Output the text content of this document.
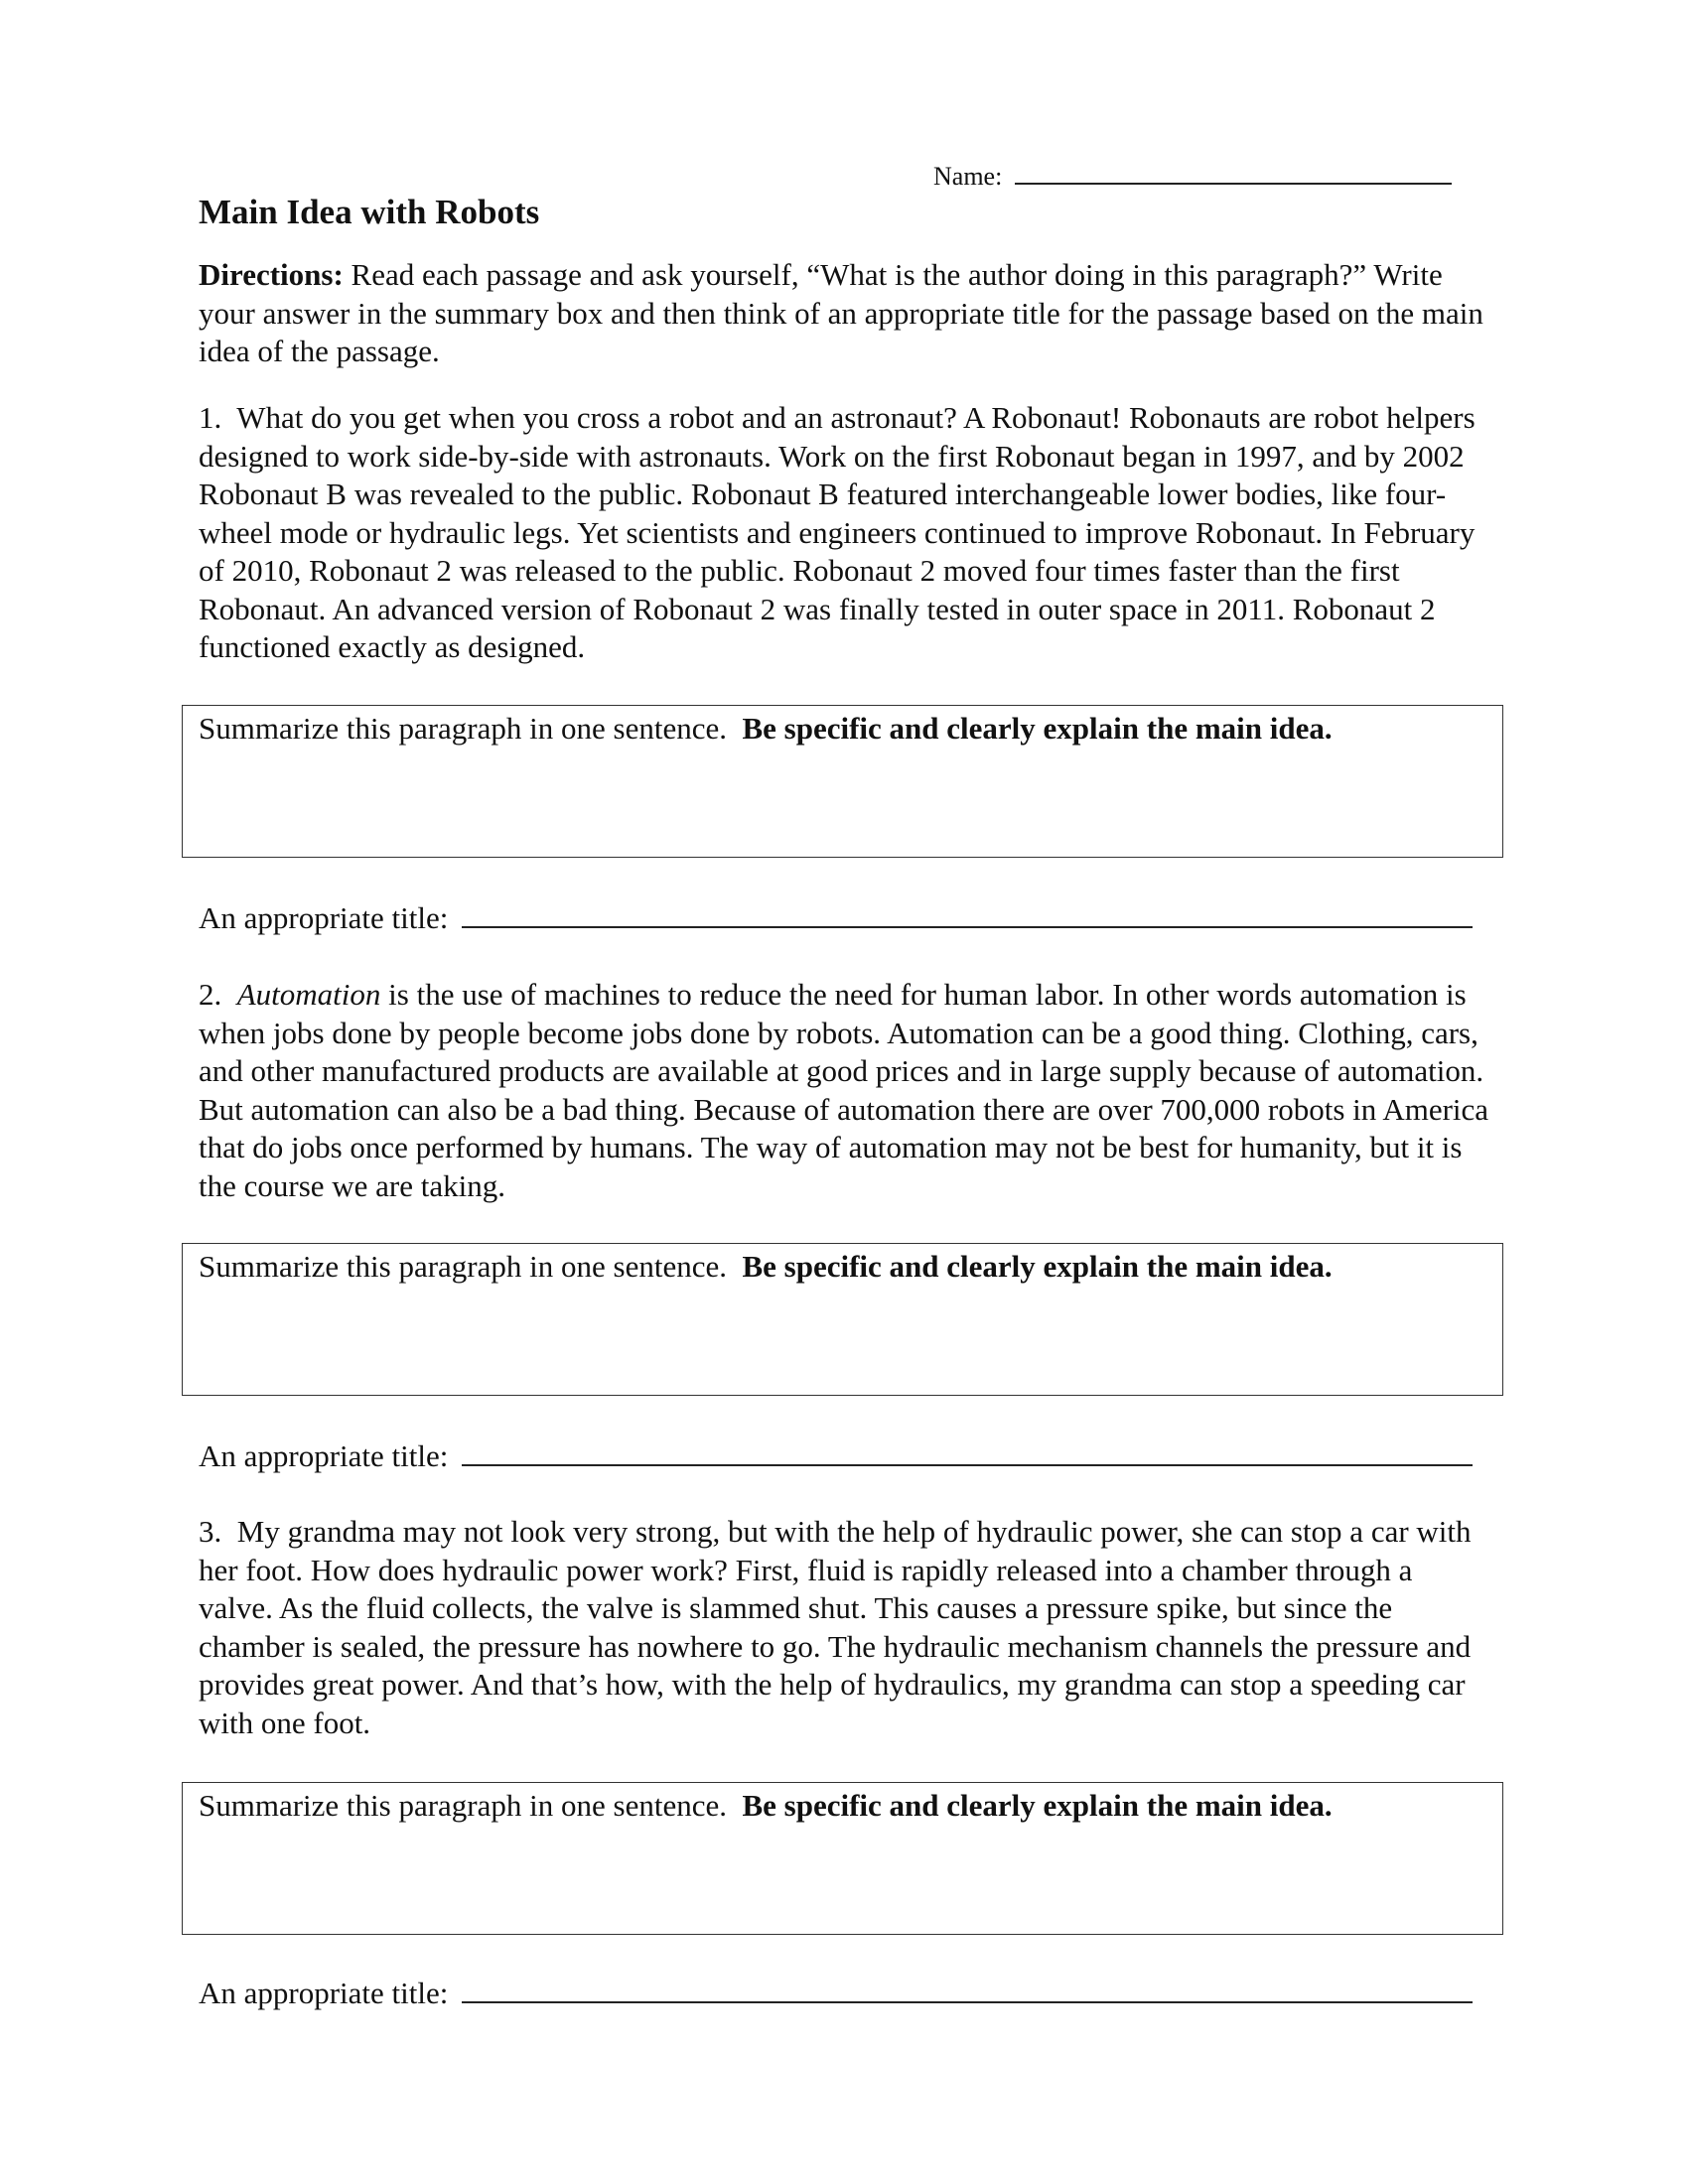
Name:
Main Idea with Robots

Directions: Read each passage and ask yourself, “What is the author doing in this paragraph?” Write your answer in the summary box and then think of an appropriate title for the passage based on the main idea of the passage.

1. What do you get when you cross a robot and an astronaut? A Robonaut! Robonauts are robot helpers designed to work side-by-side with astronauts. Work on the first Robonaut began in 1997, and by 2002 Robonaut B was revealed to the public. Robonaut B featured interchangeable lower bodies, like four-wheel mode or hydraulic legs. Yet scientists and engineers continued to improve Robonaut. In February of 2010, Robonaut 2 was released to the public. Robonaut 2 moved four times faster than the first Robonaut. An advanced version of Robonaut 2 was finally tested in outer space in 2011. Robonaut 2 functioned exactly as designed.

Summarize this paragraph in one sentence. Be specific and clearly explain the main idea.
An appropriate title:

2. Automation is the use of machines to reduce the need for human labor. In other words automation is when jobs done by people become jobs done by robots. Automation can be a good thing. Clothing, cars, and other manufactured products are available at good prices and in large supply because of automation. But automation can also be a bad thing. Because of automation there are over 700,000 robots in America that do jobs once performed by humans. The way of automation may not be best for humanity, but it is the course we are taking.

Summarize this paragraph in one sentence. Be specific and clearly explain the main idea.
An appropriate title:

3. My grandma may not look very strong, but with the help of hydraulic power, she can stop a car with her foot. How does hydraulic power work? First, fluid is rapidly released into a chamber through a valve. As the fluid collects, the valve is slammed shut. This causes a pressure spike, but since the chamber is sealed, the pressure has nowhere to go. The hydraulic mechanism channels the pressure and provides great power. And that’s how, with the help of hydraulics, my grandma can stop a speeding car with one foot.

Summarize this paragraph in one sentence. Be specific and clearly explain the main idea.
An appropriate title:
